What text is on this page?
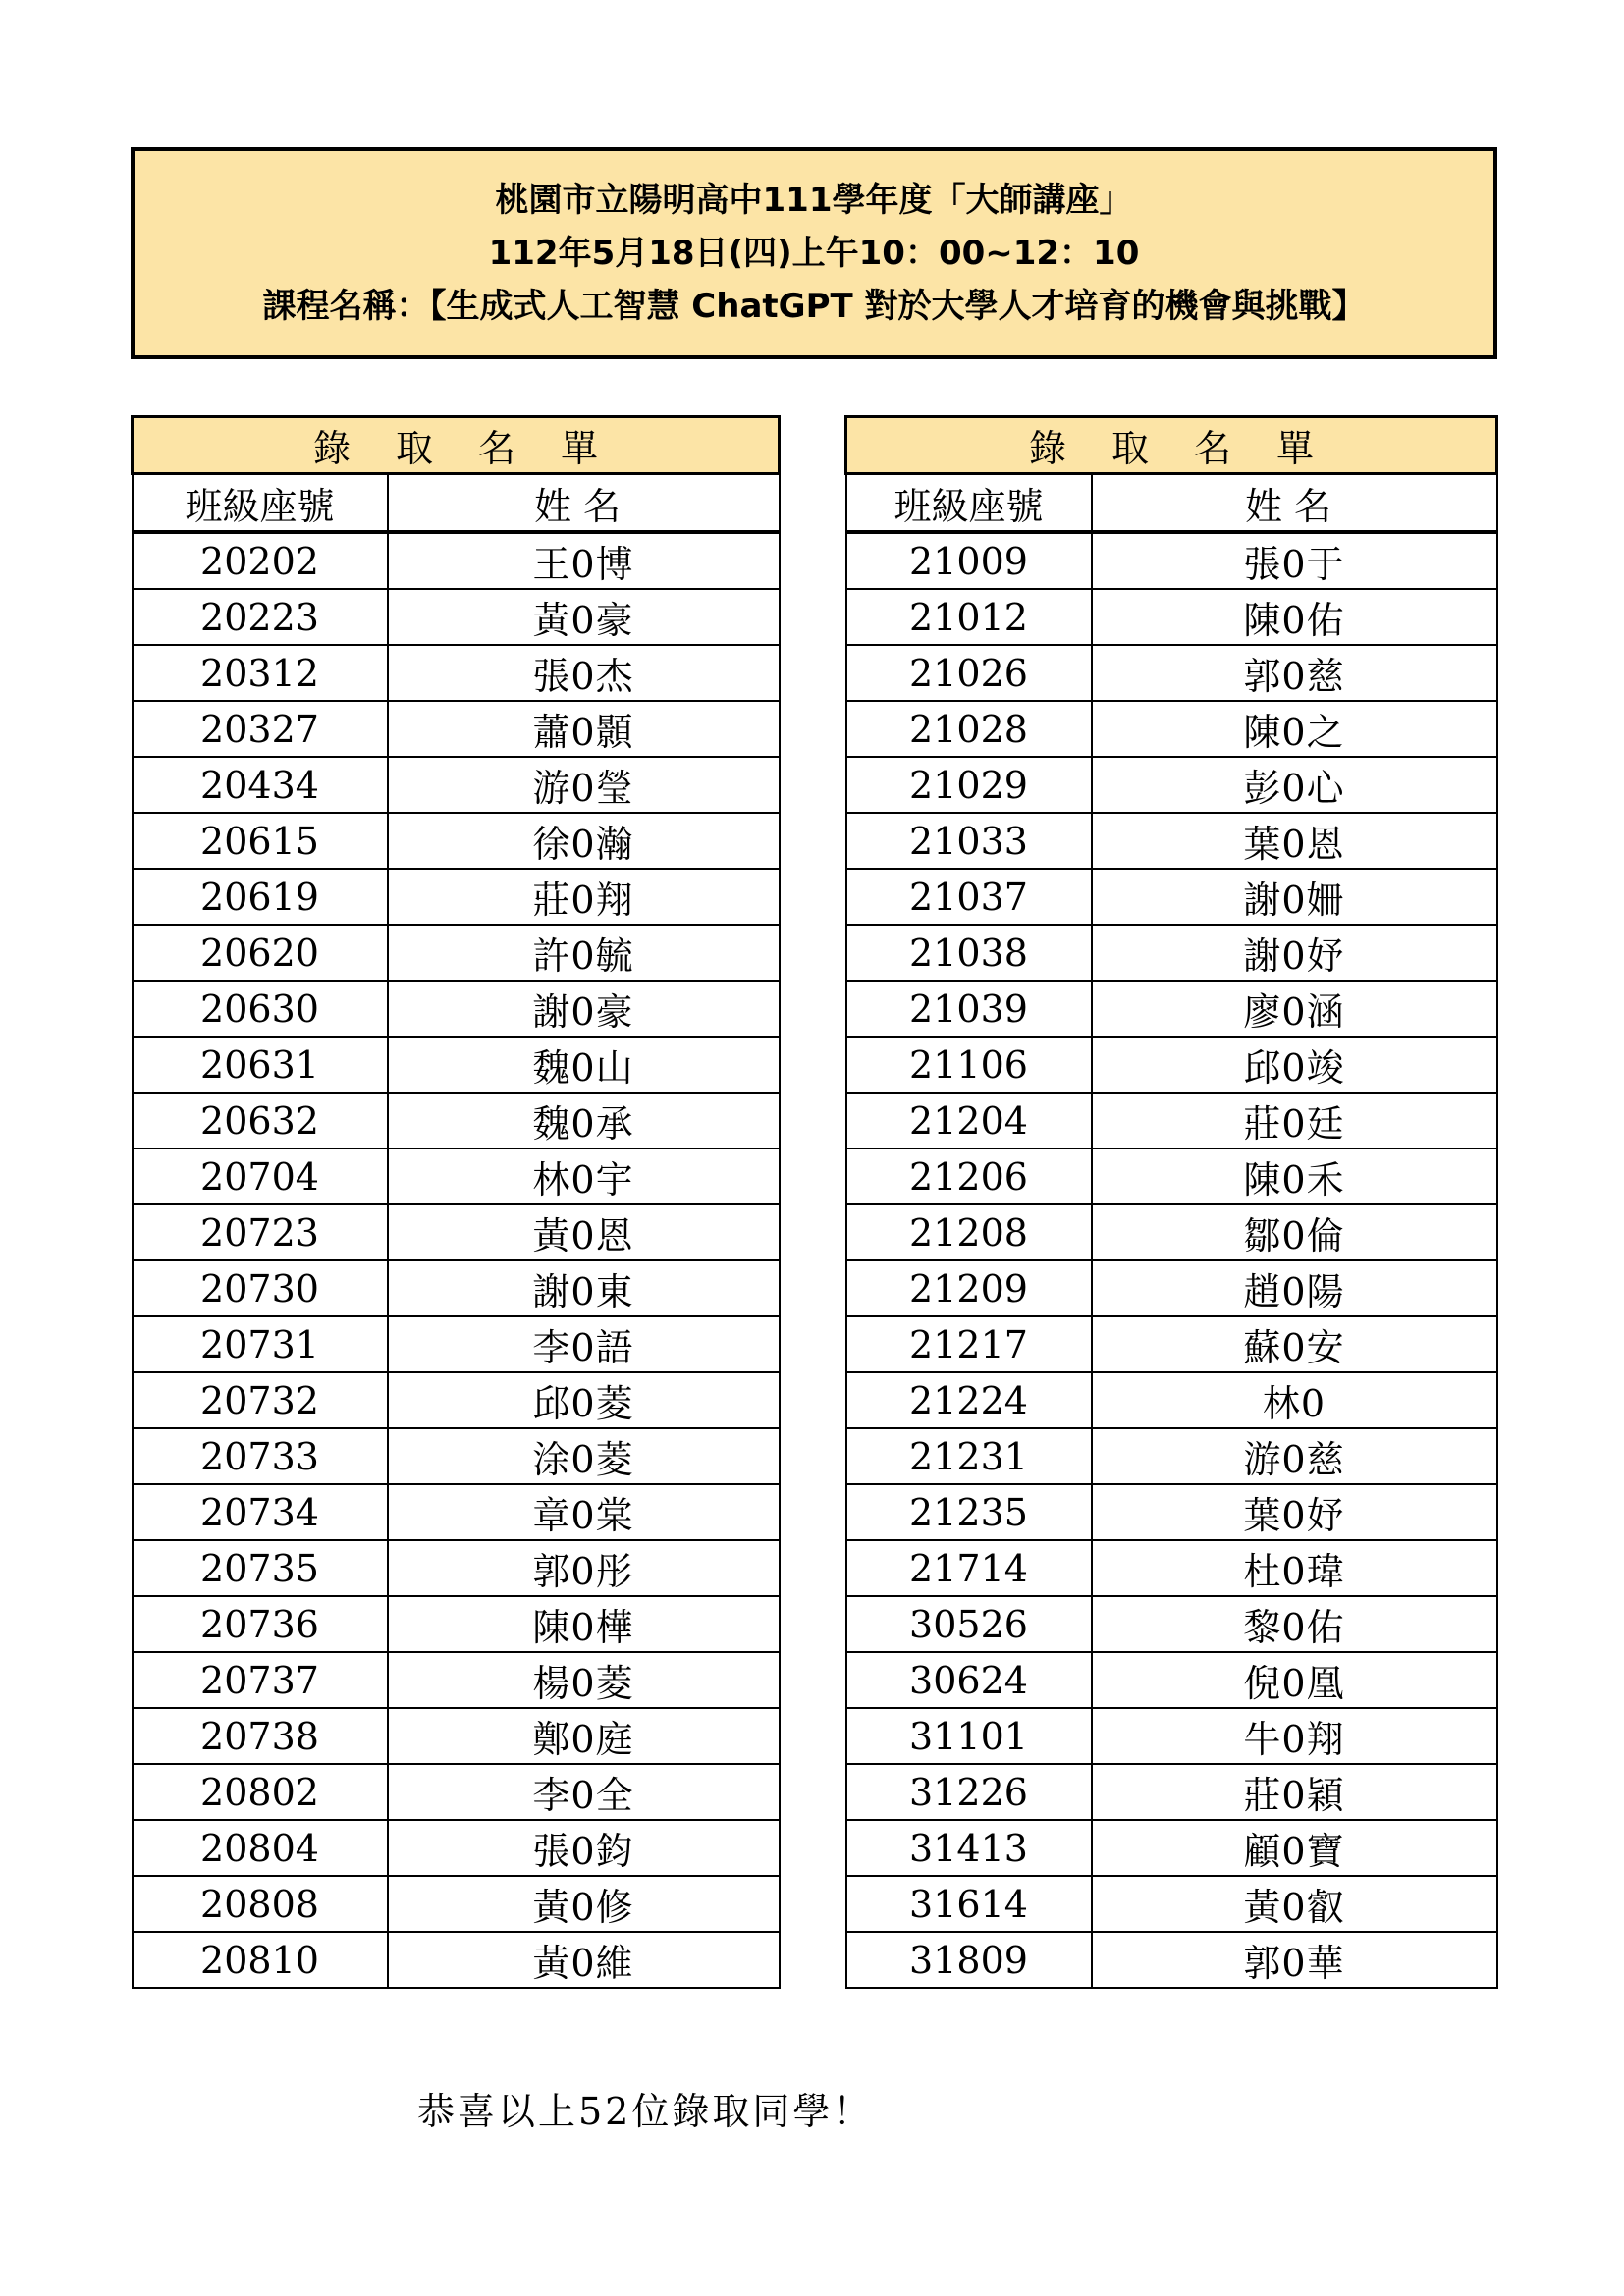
桃園市立陽明高中111學年度「大師講座」
112年5月18日(四)上午10：00~12：10
課程名稱：【生成式人工智慧 ChatGPT 對於大學人才培育的機會與挑戰】
錄取名單	
班級座號	姓名
20202	王0博
20223	黃0豪
20312	張0杰
20327	蕭0顥
20434	游0瑩
20615	徐0瀚
20619	莊0翔
20620	許0毓
20630	謝0豪
20631	魏0山
20632	魏0承
20704	林0宇
20723	黃0恩
20730	謝0東
20731	李0語
20732	邱0菱
20733	涂0菱
20734	章0棠
20735	郭0彤
20736	陳0樺
20737	楊0菱
20738	鄭0庭
20802	李0全
20804	張0鈞
20808	黃0修
20810	黃0維
錄取名單	
班級座號	姓名
21009	張0于
21012	陳0佑
21026	郭0慈
21028	陳0之
21029	彭0心
21033	葉0恩
21037	謝0姍
21038	謝0妤
21039	廖0涵
21106	邱0竣
21204	莊0廷
21206	陳0禾
21208	鄒0倫
21209	趙0陽
21217	蘇0安
21224	林0
21231	游0慈
21235	葉0妤
21714	杜0瑋
30526	黎0佑
30624	倪0凰
31101	牛0翔
31226	莊0穎
31413	顧0寶
31614	黃0叡
31809	郭0華
恭喜以上52位錄取同學！
